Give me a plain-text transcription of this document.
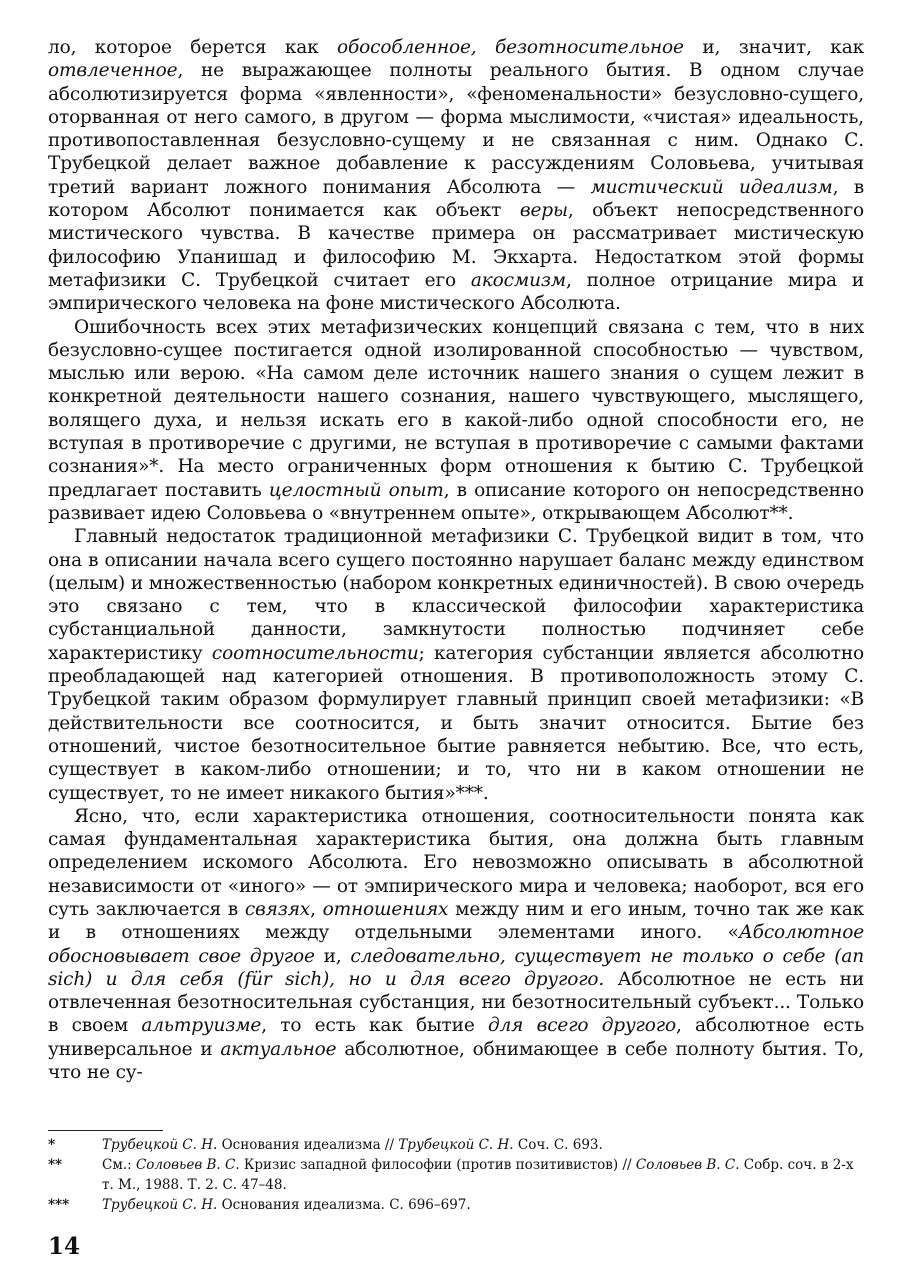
ло, которое берется как обособленное, безотносительное и, значит, как отвлеченное, не выражающее полноты реального бытия. В одном случае абсолютизируется форма «явленности», «феноменальности» безусловно-сущего, оторванная от него самого, в другом — форма мыслимости, «чистая» идеальность, противопоставленная безусловно-сущему и не связанная с ним. Однако С. Трубецкой делает важное добавление к рассуждениям Соловьева, учитывая третий вариант ложного понимания Абсолюта — мистический идеализм, в котором Абсолют понимается как объект веры, объект непосредственного мистического чувства. В качестве примера он рассматривает мистическую философию Упанишад и философию М. Экхарта. Недостатком этой формы метафизики С. Трубецкой считает его акосмизм, полное отрицание мира и эмпирического человека на фоне мистического Абсолюта.

Ошибочность всех этих метафизических концепций связана с тем, что в них безусловно-сущее постигается одной изолированной способностью — чувством, мыслью или верою. «На самом деле источник нашего знания о сущем лежит в конкретной деятельности нашего сознания, нашего чувствующего, мыслящего, волящего духа, и нельзя искать его в какой-либо одной способности его, не вступая в противоречие с другими, не вступая в противоречие с самыми фактами сознания»*. На место ограниченных форм отношения к бытию С. Трубецкой предлагает поставить целостный опыт, в описание которого он непосредственно развивает идею Соловьева о «внутреннем опыте», открывающем Абсолют**.

Главный недостаток традиционной метафизики С. Трубецкой видит в том, что она в описании начала всего сущего постоянно нарушает баланс между единством (целым) и множественностью (набором конкретных единичностей). В свою очередь это связано с тем, что в классической философии характеристика субстанциальной данности, замкнутости полностью подчиняет себе характеристику соотносительности; категория субстанции является абсолютно преобладающей над категорией отношения. В противоположность этому С. Трубецкой таким образом формулирует главный принцип своей метафизики: «В действительности все соотносится, и быть значит относится. Бытие без отношений, чистое безотносительное бытие равняется небытию. Все, что есть, существует в каком-либо отношении; и то, что ни в каком отношении не существует, то не имеет никакого бытия»***.

Ясно, что, если характеристика отношения, соотносительности понята как самая фундаментальная характеристика бытия, она должна быть главным определением искомого Абсолюта. Его невозможно описывать в абсолютной независимости от «иного» — от эмпирического мира и человека; наоборот, вся его суть заключается в связях, отношениях между ним и его иным, точно так же как и в отношениях между отдельными элементами иного. «Абсолютное обосновывает свое другое и, следовательно, существует не только о себе (an sich) и для себя (für sich), но и для всего другого. Абсолютное не есть ни отвлеченная безотносительная субстанция, ни безотносительный субъект... Только в своем альтруизме, то есть как бытие для всего другого, абсолютное есть универсальное и актуальное абсолютное, обнимающее в себе полноту бытия. То, что не су-

*	Трубецкой С. Н. Основания идеализма // Трубецкой С. Н. Соч. С. 693.
**	См.: Соловьев В. С. Кризис западной философии (против позитивистов) // Соловьев В. С. Собр. соч. в 2-х т. М., 1988. Т. 2. С. 47–48.
***	Трубецкой С. Н. Основания идеализма. С. 696–697.
14
